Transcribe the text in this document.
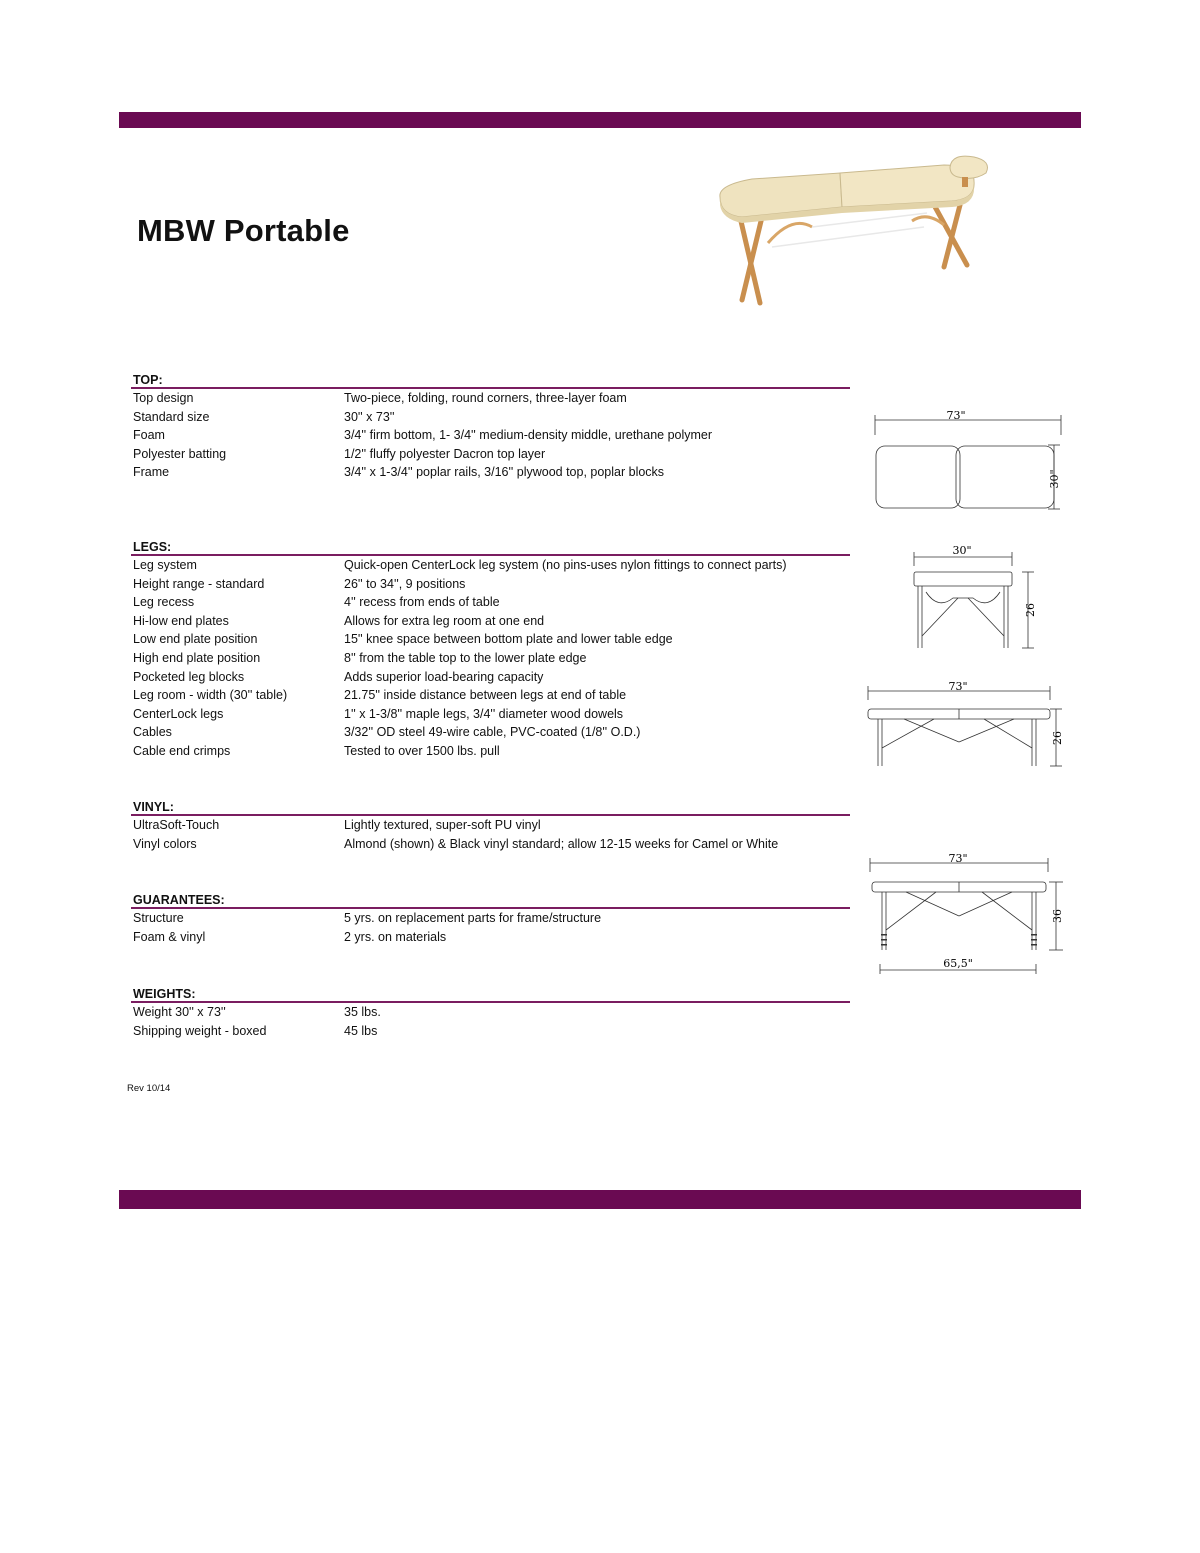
MBW Portable
TOP:
Top design	Two-piece, folding, round corners, three-layer foam
Standard size	30'' x 73''
Foam	3/4'' firm bottom, 1- 3/4'' medium-density middle, urethane polymer
Polyester batting	1/2'' fluffy polyester Dacron top layer
Frame	3/4'' x 1-3/4'' poplar rails, 3/16'' plywood top, poplar blocks
LEGS:
Leg system	Quick-open CenterLock leg system (no pins-uses nylon fittings to connect parts)
Height range - standard	26'' to 34'', 9 positions
Leg recess	4'' recess from ends of table
Hi-low end plates	Allows for extra leg room at one end
Low end plate position	15'' knee space between bottom plate and lower table edge
High end plate position	8'' from the table top to the lower plate edge
Pocketed leg blocks	Adds superior load-bearing capacity
Leg room - width (30'' table)	21.75'' inside distance between legs at end of table
CenterLock legs	1'' x 1-3/8'' maple legs, 3/4'' diameter wood dowels
Cables	3/32'' OD steel 49-wire cable, PVC-coated (1/8'' O.D.)
Cable end crimps	Tested to over 1500 lbs. pull
VINYL:
UltraSoft-Touch	Lightly textured, super-soft PU vinyl
Vinyl colors	Almond (shown) & Black vinyl standard; allow 12-15 weeks for Camel or White
GUARANTEES:
Structure	5 yrs. on replacement parts for frame/structure
Foam & vinyl	2 yrs. on materials
WEIGHTS:
Weight 30'' x 73''	35 lbs.
Shipping weight - boxed	45 lbs
Rev 10/14
73"
30"
30"
26
73"
26
73"
36
65,5"
